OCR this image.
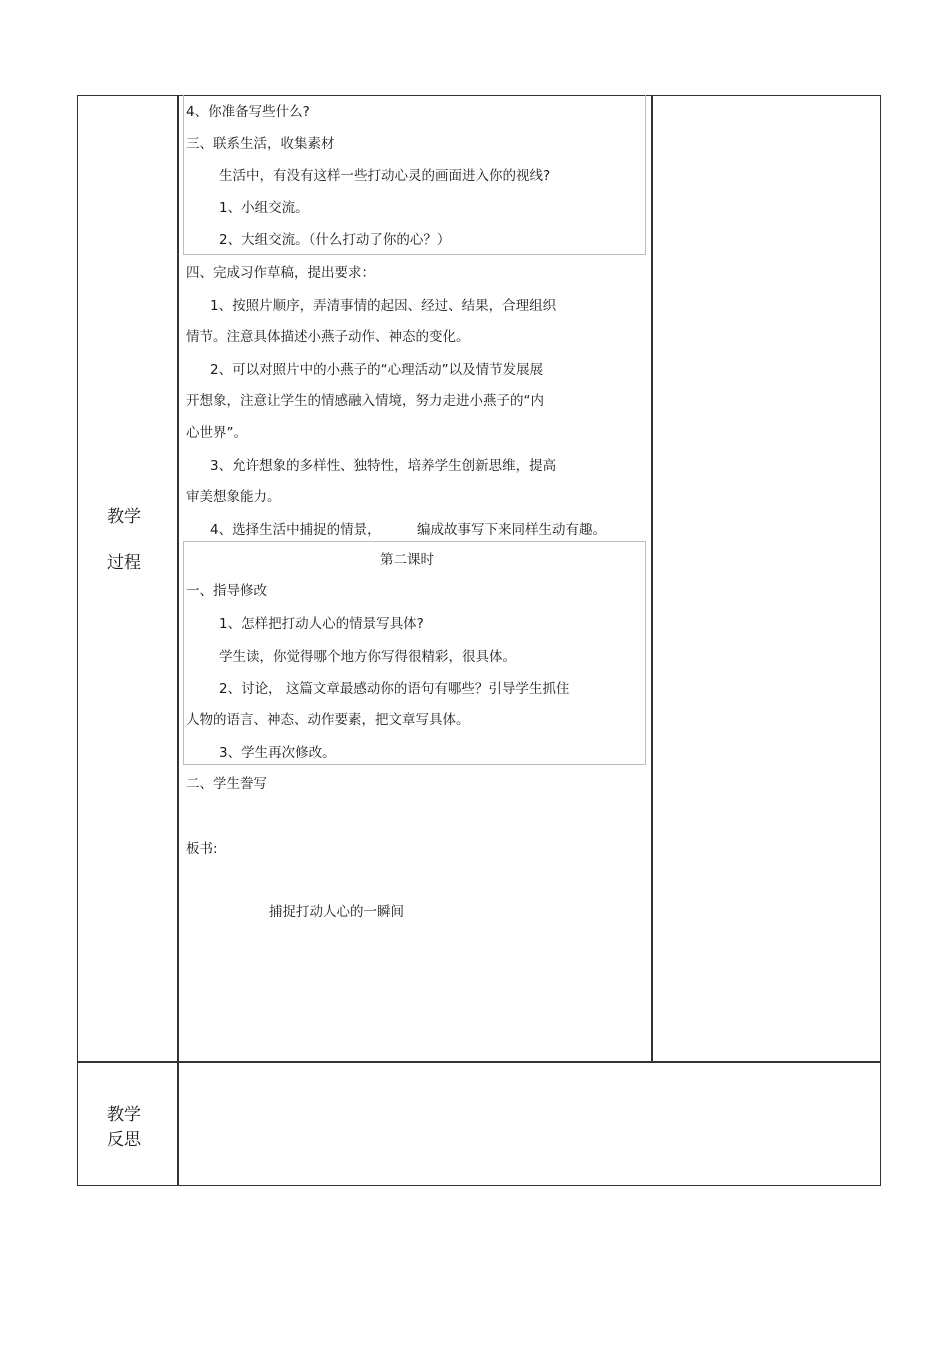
教学
过程
教学
反思
4、你准备写些什么?
三、联系生活，收集素材
生活中，有没有这样一些打动心灵的画面进入你的视线?
1、小组交流。
2、大组交流。（什么打动了你的心？）
四、完成习作草稿，提出要求：
1、按照片顺序，弄清事情的起因、经过、结果，合理组织
情节。注意具体描述小燕子动作、神态的变化。
2、可以对照片中的小燕子的“心理活动”以及情节发展展
开想象，注意让学生的情感融入情境，努力走进小燕子的“内
心世界”。
3、允许想象的多样性、独特性，培养学生创新思维，提高
审美想象能力。
4、选择生活中捕捉的情景，	编成故事写下来同样生动有趣。
第二课时
一、指导修改
1、怎样把打动人心的情景写具体?
学生读，你觉得哪个地方你写得很精彩，很具体。
2、讨论， 这篇文章最感动你的语句有哪些？引导学生抓住
人物的语言、神态、动作要素，把文章写具体。
3、学生再次修改。
二、学生誊写
板书:
捕捉打动人心的一瞬间
